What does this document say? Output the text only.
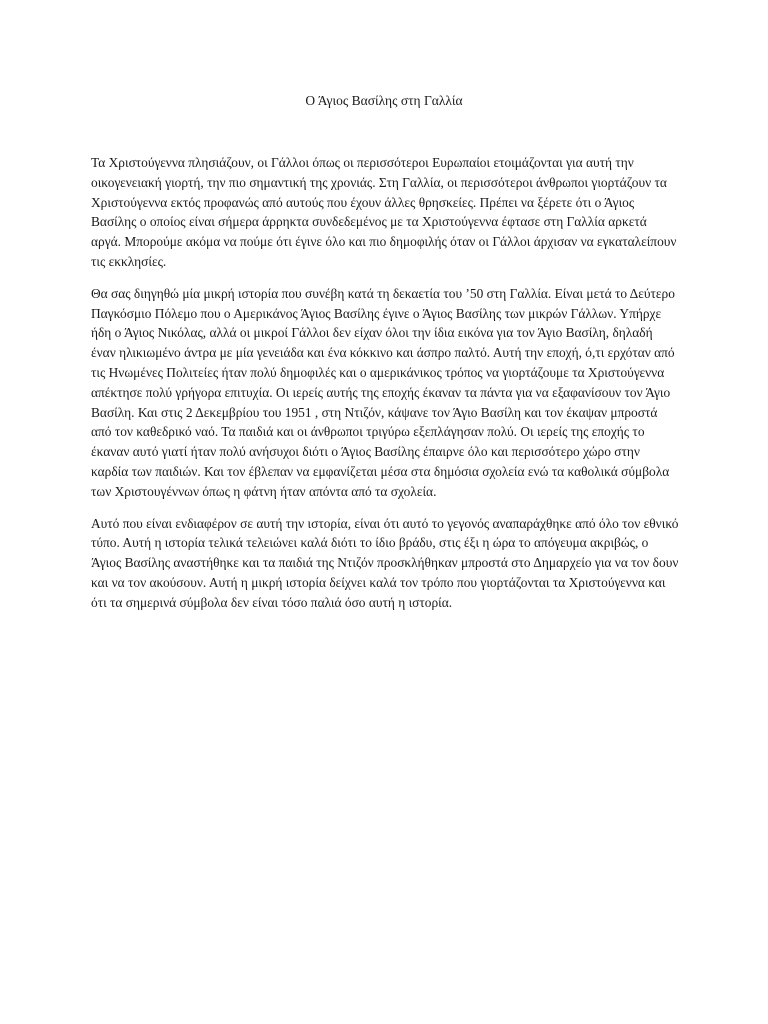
Ο Άγιος Βασίλης στη Γαλλία

Τα Χριστούγεννα πλησιάζουν, οι Γάλλοι όπως οι περισσότεροι Ευρωπαίοι ετοιμάζονται για αυτή την οικογενειακή γιορτή, την πιο σημαντική της χρονιάς. Στη Γαλλία, οι περισσότεροι άνθρωποι γιορτάζουν τα Χριστούγεννα εκτός προφανώς από αυτούς που έχουν άλλες θρησκείες. Πρέπει να ξέρετε ότι ο Άγιος Βασίλης ο οποίος είναι σήμερα άρρηκτα συνδεδεμένος με τα Χριστούγεννα έφτασε στη Γαλλία αρκετά αργά. Μπορούμε ακόμα να πούμε ότι έγινε όλο και πιο δημοφιλής όταν οι Γάλλοι άρχισαν να εγκαταλείπουν τις εκκλησίες.

Θα σας διηγηθώ μία μικρή ιστορία που συνέβη κατά τη δεκαετία του ’50 στη Γαλλία. Είναι μετά το Δεύτερο Παγκόσμιο Πόλεμο που ο Αμερικάνος Άγιος Βασίλης έγινε ο Άγιος Βασίλης των μικρών Γάλλων. Υπήρχε ήδη ο Άγιος Νικόλας, αλλά οι μικροί Γάλλοι δεν είχαν όλοι την ίδια εικόνα για τον Άγιο Βασίλη, δηλαδή έναν ηλικιωμένο άντρα με μία γενειάδα και ένα κόκκινο και άσπρο παλτό. Αυτή την εποχή, ό,τι ερχόταν από τις Ηνωμένες Πολιτείες ήταν πολύ δημοφιλές και ο αμερικάνικος τρόπος να γιορτάζουμε τα Χριστούγεννα απέκτησε πολύ γρήγορα επιτυχία. Οι ιερείς αυτής της εποχής έκαναν τα πάντα για να εξαφανίσουν τον Άγιο Βασίλη. Και στις 2 Δεκεμβρίου του 1951 , στη Ντιζόν, κάψανε τον Άγιο Βασίλη και τον έκαψαν μπροστά από τον καθεδρικό ναό. Τα παιδιά και οι άνθρωποι τριγύρω εξεπλάγησαν πολύ. Οι ιερείς της εποχής το έκαναν αυτό γιατί ήταν πολύ ανήσυχοι διότι ο Άγιος Βασίλης έπαιρνε όλο και περισσότερο χώρο στην καρδία των παιδιών. Και τον έβλεπαν να εμφανίζεται μέσα στα δημόσια σχολεία ενώ τα καθολικά σύμβολα των Χριστουγέννων όπως η φάτνη ήταν απόντα από τα σχολεία.

Αυτό που είναι ενδιαφέρον σε αυτή την ιστορία, είναι ότι αυτό το γεγονός αναπαράχθηκε από όλο τον εθνικό τύπο. Αυτή η ιστορία τελικά τελειώνει καλά διότι το ίδιο βράδυ, στις έξι η ώρα το απόγευμα ακριβώς, ο Άγιος Βασίλης αναστήθηκε και τα παιδιά της Ντιζόν προσκλήθηκαν μπροστά στο Δημαρχείο για να τον δουν και να τον ακούσουν. Αυτή η μικρή ιστορία δείχνει καλά τον τρόπο που γιορτάζονται τα Χριστούγεννα και ότι τα σημερινά σύμβολα δεν είναι τόσο παλιά όσο αυτή η ιστορία.
